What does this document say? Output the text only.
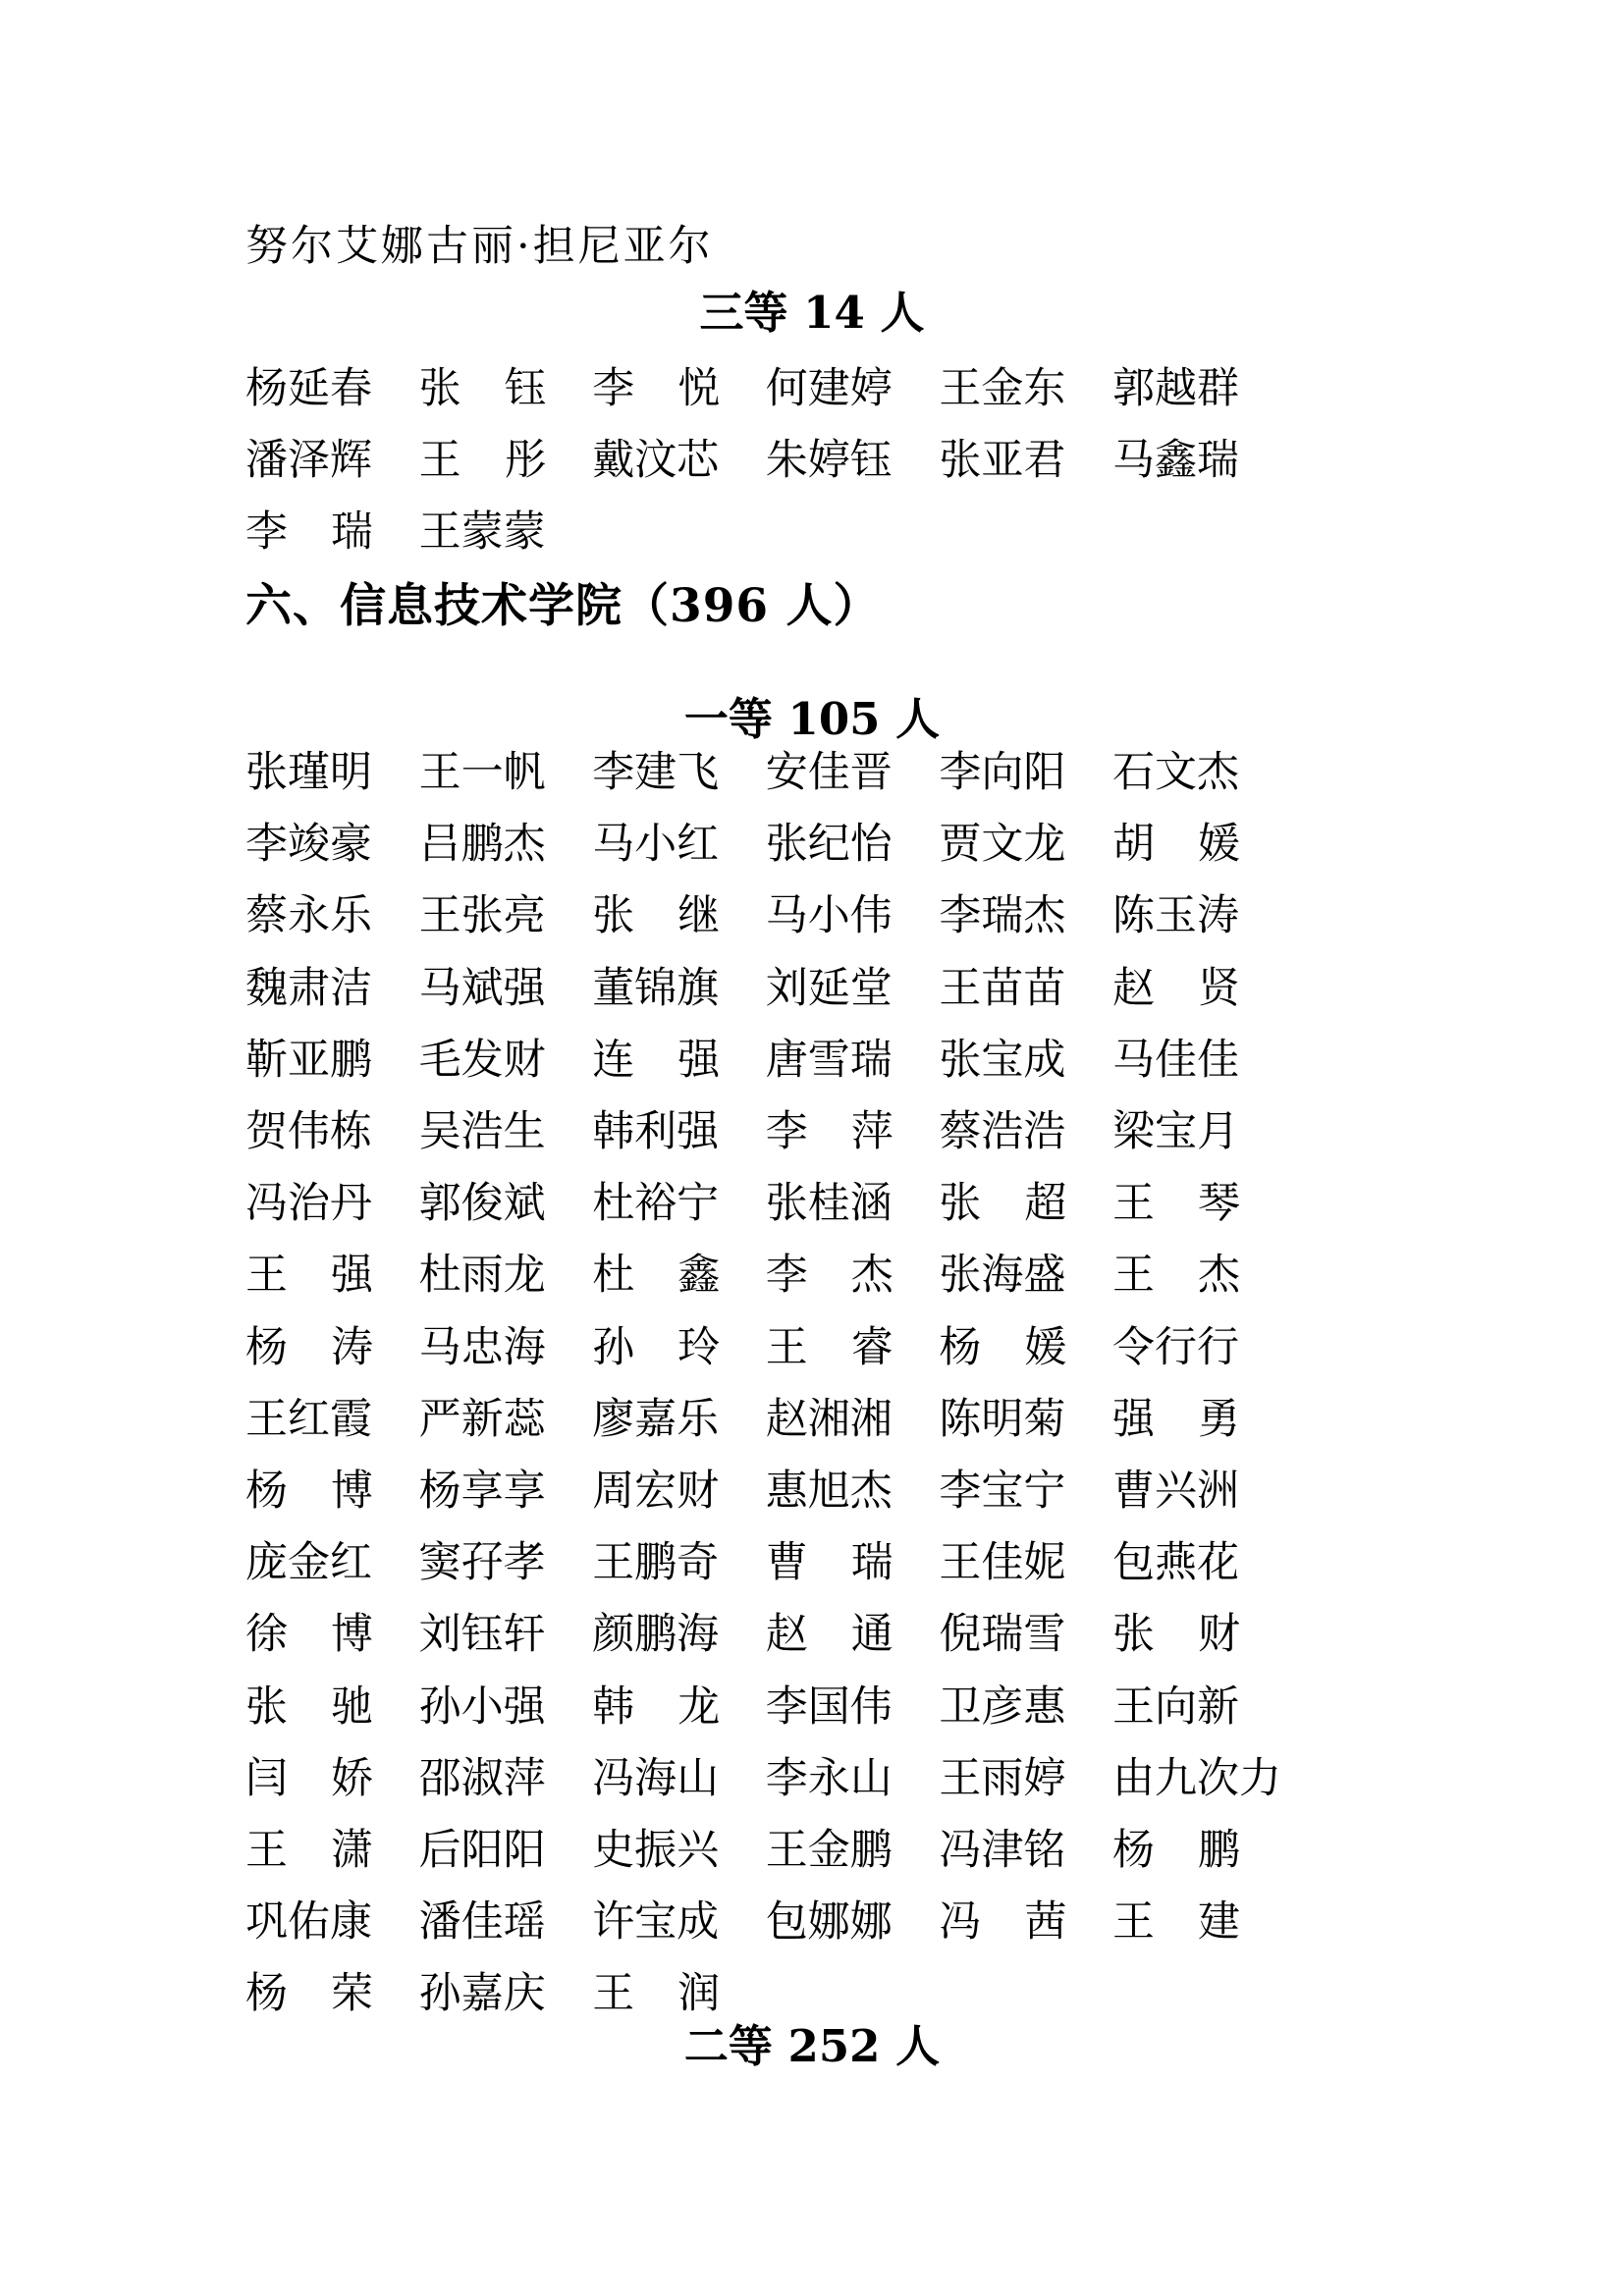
努尔艾娜古丽·担尼亚尔
三等 14 人
杨延春 张 钰 李 悦 何建婷 王金东 郭越群
潘泽辉 王 彤 戴汶芯 朱婷钰 张亚君 马鑫瑞
李 瑞 王蒙蒙
六、信息技术学院（396 人）
一等 105 人
张瑾明 王一帆 李建飞 安佳晋 李向阳 石文杰
李竣豪 吕鹏杰 马小红 张纪怡 贾文龙 胡 媛
蔡永乐 王张亮 张 继 马小伟 李瑞杰 陈玉涛
魏肃洁 马斌强 董锦旗 刘延堂 王苗苗 赵 贤
靳亚鹏 毛发财 连 强 唐雪瑞 张宝成 马佳佳
贺伟栋 吴浩生 韩利强 李 萍 蔡浩浩 梁宝月
冯治丹 郭俊斌 杜裕宁 张桂涵 张 超 王 琴
王 强 杜雨龙 杜 鑫 李 杰 张海盛 王 杰
杨 涛 马忠海 孙 玲 王 睿 杨 媛 令行行
王红霞 严新蕊 廖嘉乐 赵湘湘 陈明菊 强 勇
杨 博 杨享享 周宏财 惠旭杰 李宝宁 曹兴洲
庞金红 窦孖孝 王鹏奇 曹 瑞 王佳妮 包燕花
徐 博 刘钰轩 颜鹏海 赵 通 倪瑞雪 张 财
张 驰 孙小强 韩 龙 李国伟 卫彦惠 王向新
闫 娇 邵淑萍 冯海山 李永山 王雨婷 由九次力
王 潇 后阳阳 史振兴 王金鹏 冯津铭 杨 鹏
巩佑康 潘佳瑶 许宝成 包娜娜 冯 茜 王 建
杨 荣 孙嘉庆 王 润
二等 252 人
